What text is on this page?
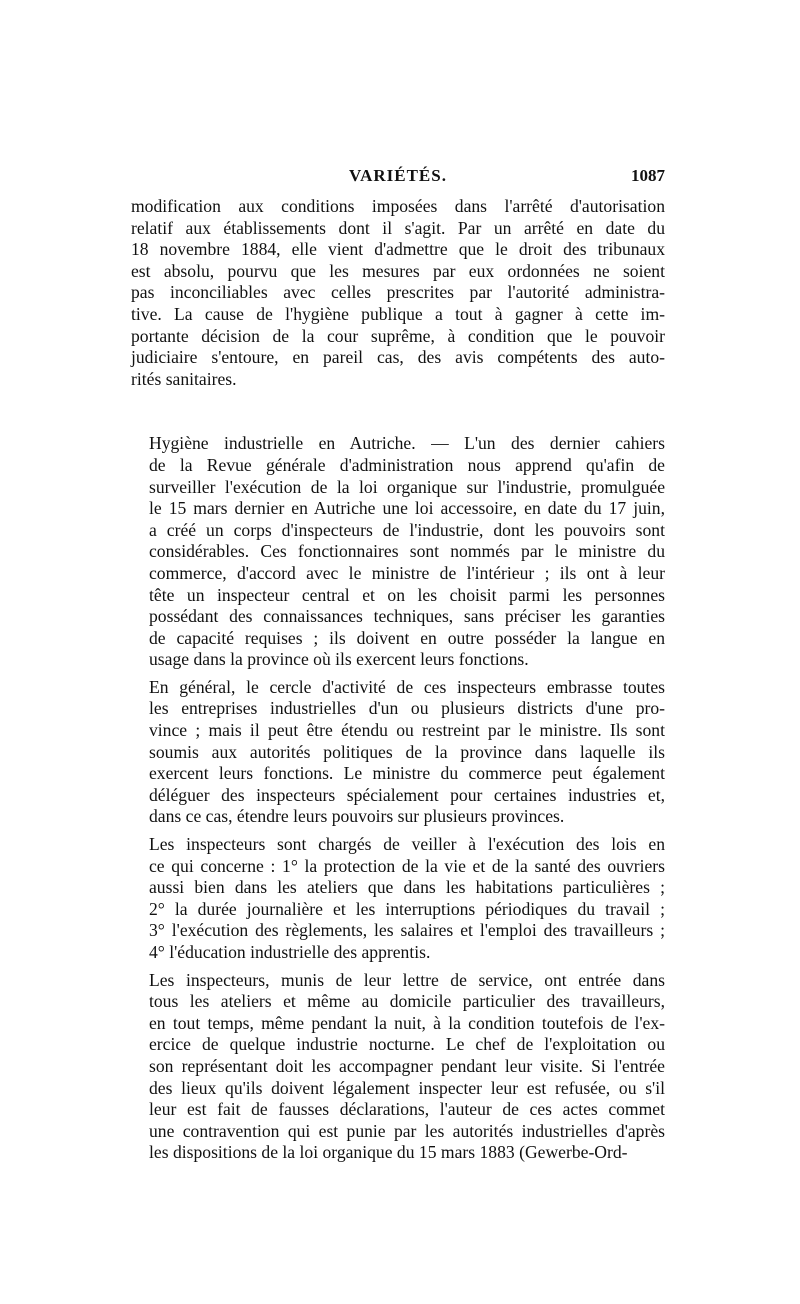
VARIÉTÉS.	1087
modification aux conditions imposées dans l'arrêté d'autorisation
relatif aux établissements dont il s'agit. Par un arrêté en date du
18 novembre 1884, elle vient d'admettre que le droit des tribunaux
est absolu, pourvu que les mesures par eux ordonnées ne soient
pas inconciliables avec celles prescrites par l'autorité administra-
tive. La cause de l'hygiène publique a tout à gagner à cette im-
portante décision de la cour suprême, à condition que le pouvoir
judiciaire s'entoure, en pareil cas, des avis compétents des auto-
rités sanitaires.
Hygiène industrielle en Autriche. — L'un des dernier cahiers
de la Revue générale d'administration nous apprend qu'afin de
surveiller l'exécution de la loi organique sur l'industrie, promulguée
le 15 mars dernier en Autriche une loi accessoire, en date du 17 juin,
a créé un corps d'inspecteurs de l'industrie, dont les pouvoirs sont
considérables. Ces fonctionnaires sont nommés par le ministre du
commerce, d'accord avec le ministre de l'intérieur ; ils ont à leur
tête un inspecteur central et on les choisit parmi les personnes
possédant des connaissances techniques, sans préciser les garanties
de capacité requises ; ils doivent en outre posséder la langue en
usage dans la province où ils exercent leurs fonctions.
En général, le cercle d'activité de ces inspecteurs embrasse toutes
les entreprises industrielles d'un ou plusieurs districts d'une pro-
vince ; mais il peut être étendu ou restreint par le ministre. Ils sont
soumis aux autorités politiques de la province dans laquelle ils
exercent leurs fonctions. Le ministre du commerce peut également
déléguer des inspecteurs spécialement pour certaines industries et,
dans ce cas, étendre leurs pouvoirs sur plusieurs provinces.
Les inspecteurs sont chargés de veiller à l'exécution des lois en
ce qui concerne : 1° la protection de la vie et de la santé des ouvriers
aussi bien dans les ateliers que dans les habitations particulières ;
2° la durée journalière et les interruptions périodiques du travail ;
3° l'exécution des règlements, les salaires et l'emploi des travailleurs ;
4° l'éducation industrielle des apprentis.
Les inspecteurs, munis de leur lettre de service, ont entrée dans
tous les ateliers et même au domicile particulier des travailleurs,
en tout temps, même pendant la nuit, à la condition toutefois de l'ex-
ercice de quelque industrie nocturne. Le chef de l'exploitation ou
son représentant doit les accompagner pendant leur visite. Si l'entrée
des lieux qu'ils doivent légalement inspecter leur est refusée, ou s'il
leur est fait de fausses déclarations, l'auteur de ces actes commet
une contravention qui est punie par les autorités industrielles d'après
les dispositions de la loi organique du 15 mars 1883 (Gewerbe-Ord-
